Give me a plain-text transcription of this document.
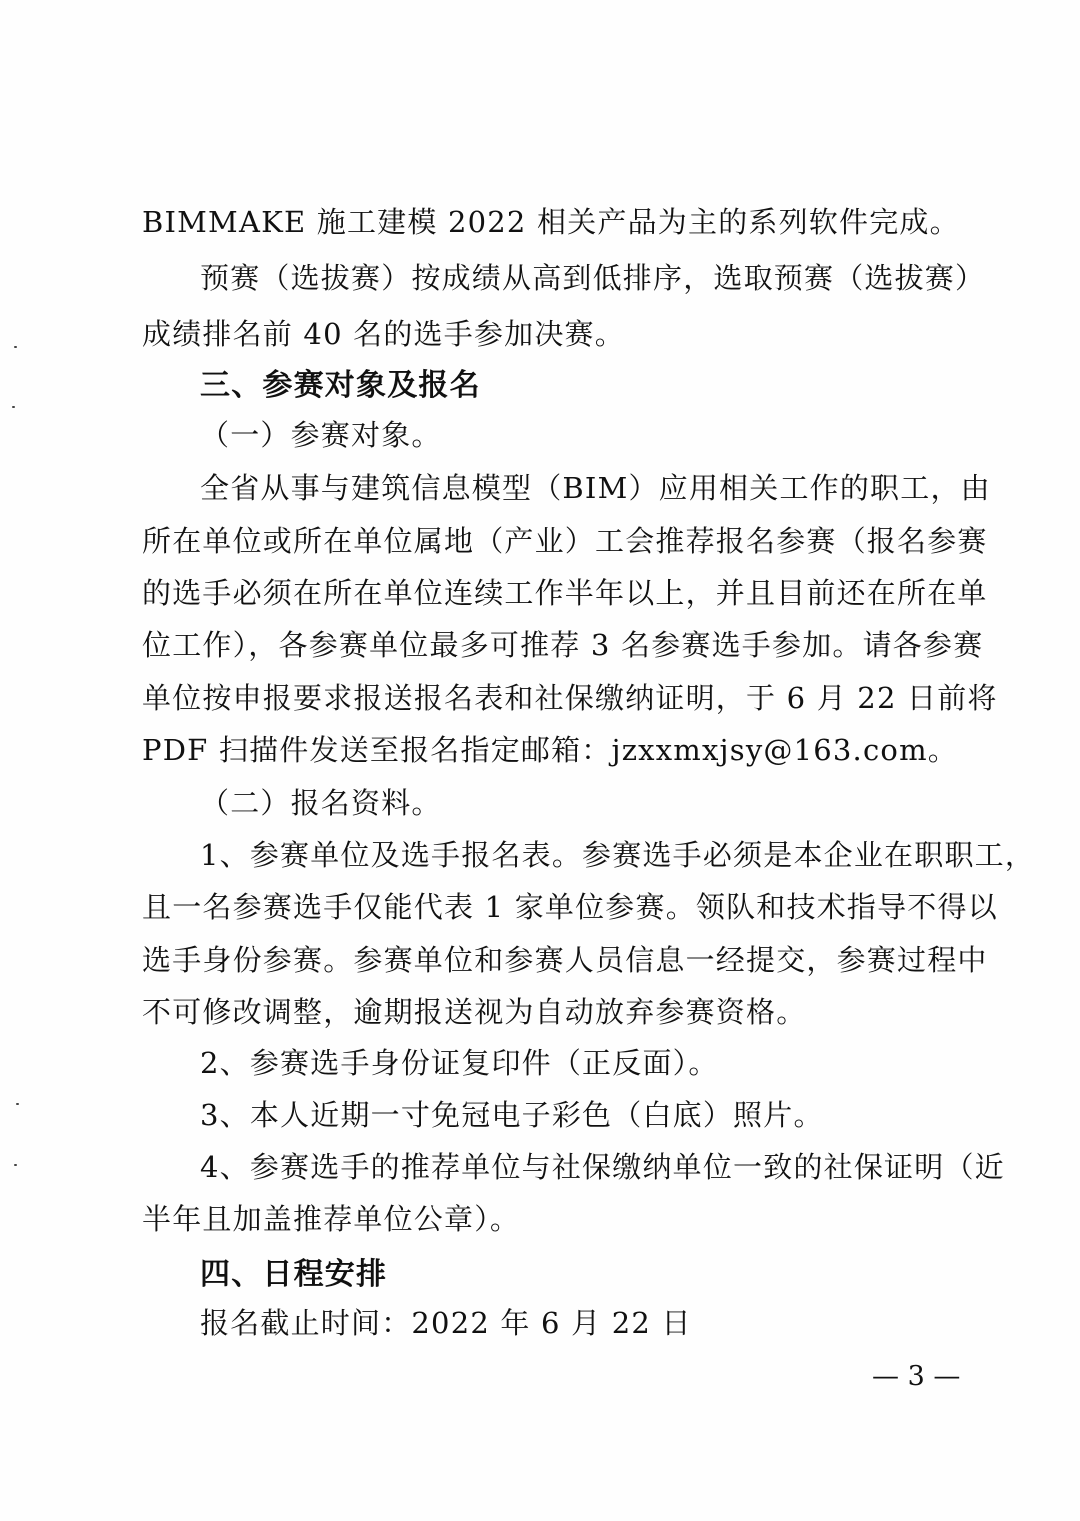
BIMMAKE 施工建模 2022 相关产品为主的系列软件完成。
预赛（选拔赛）按成绩从高到低排序，选取预赛（选拔赛）
成绩排名前 40 名的选手参加决赛。
三、参赛对象及报名
（一）参赛对象。
全省从事与建筑信息模型（BIM）应用相关工作的职工，由
所在单位或所在单位属地（产业）工会推荐报名参赛（报名参赛
的选手必须在所在单位连续工作半年以上，并且目前还在所在单
位工作），各参赛单位最多可推荐 3 名参赛选手参加。请各参赛
单位按申报要求报送报名表和社保缴纳证明，于 6 月 22 日前将
PDF 扫描件发送至报名指定邮箱：jzxxmxjsy@163.com。
（二）报名资料。
1、参赛单位及选手报名表。参赛选手必须是本企业在职职工，
且一名参赛选手仅能代表 1 家单位参赛。领队和技术指导不得以
选手身份参赛。参赛单位和参赛人员信息一经提交，参赛过程中
不可修改调整，逾期报送视为自动放弃参赛资格。
2、参赛选手身份证复印件（正反面）。
3、本人近期一寸免冠电子彩色（白底）照片。
4、参赛选手的推荐单位与社保缴纳单位一致的社保证明（近
半年且加盖推荐单位公章）。
四、日程安排
报名截止时间：2022 年 6 月 22 日
— 3 —
